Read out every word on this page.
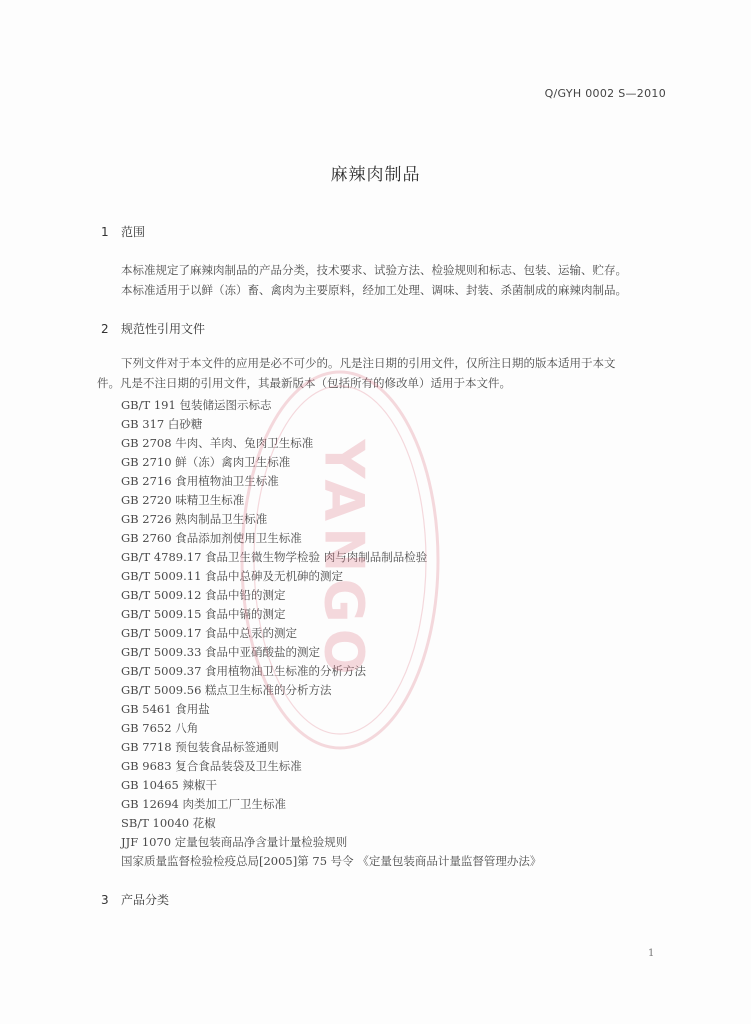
Q/GYH 0002 S—2010
麻辣肉制品
1 范围
本标准规定了麻辣肉制品的产品分类，技术要求、试验方法、检验规则和标志、包装、运输、贮存。
本标准适用于以鲜（冻）畜、禽肉为主要原料，经加工处理、调味、封装、杀菌制成的麻辣肉制品。
2 规范性引用文件
下列文件对于本文件的应用是必不可少的。凡是注日期的引用文件，仅所注日期的版本适用于本文
件。凡是不注日期的引用文件，其最新版本（包括所有的修改单）适用于本文件。
GB/T 191 包装储运图示标志
GB 317 白砂糖
GB 2708 牛肉、羊肉、兔肉卫生标准
GB 2710 鲜（冻）禽肉卫生标准
GB 2716 食用植物油卫生标准
GB 2720 味精卫生标准
GB 2726 熟肉制品卫生标准
GB 2760 食品添加剂使用卫生标准
GB/T 4789.17 食品卫生微生物学检验 肉与肉制品制品检验
GB/T 5009.11 食品中总砷及无机砷的测定
GB/T 5009.12 食品中铅的测定
GB/T 5009.15 食品中镉的测定
GB/T 5009.17 食品中总汞的测定
GB/T 5009.33 食品中亚硝酸盐的测定
GB/T 5009.37 食用植物油卫生标准的分析方法
GB/T 5009.56 糕点卫生标准的分析方法
GB 5461 食用盐
GB 7652 八角
GB 7718 预包装食品标签通则
GB 9683 复合食品装袋及卫生标准
GB 10465 辣椒干
GB 12694 肉类加工厂卫生标准
SB/T 10040 花椒
JJF 1070 定量包装商品净含量计量检验规则
国家质量监督检验检疫总局[2005]第 75 号令 《定量包装商品计量监督管理办法》
3 产品分类
1
YANGO
